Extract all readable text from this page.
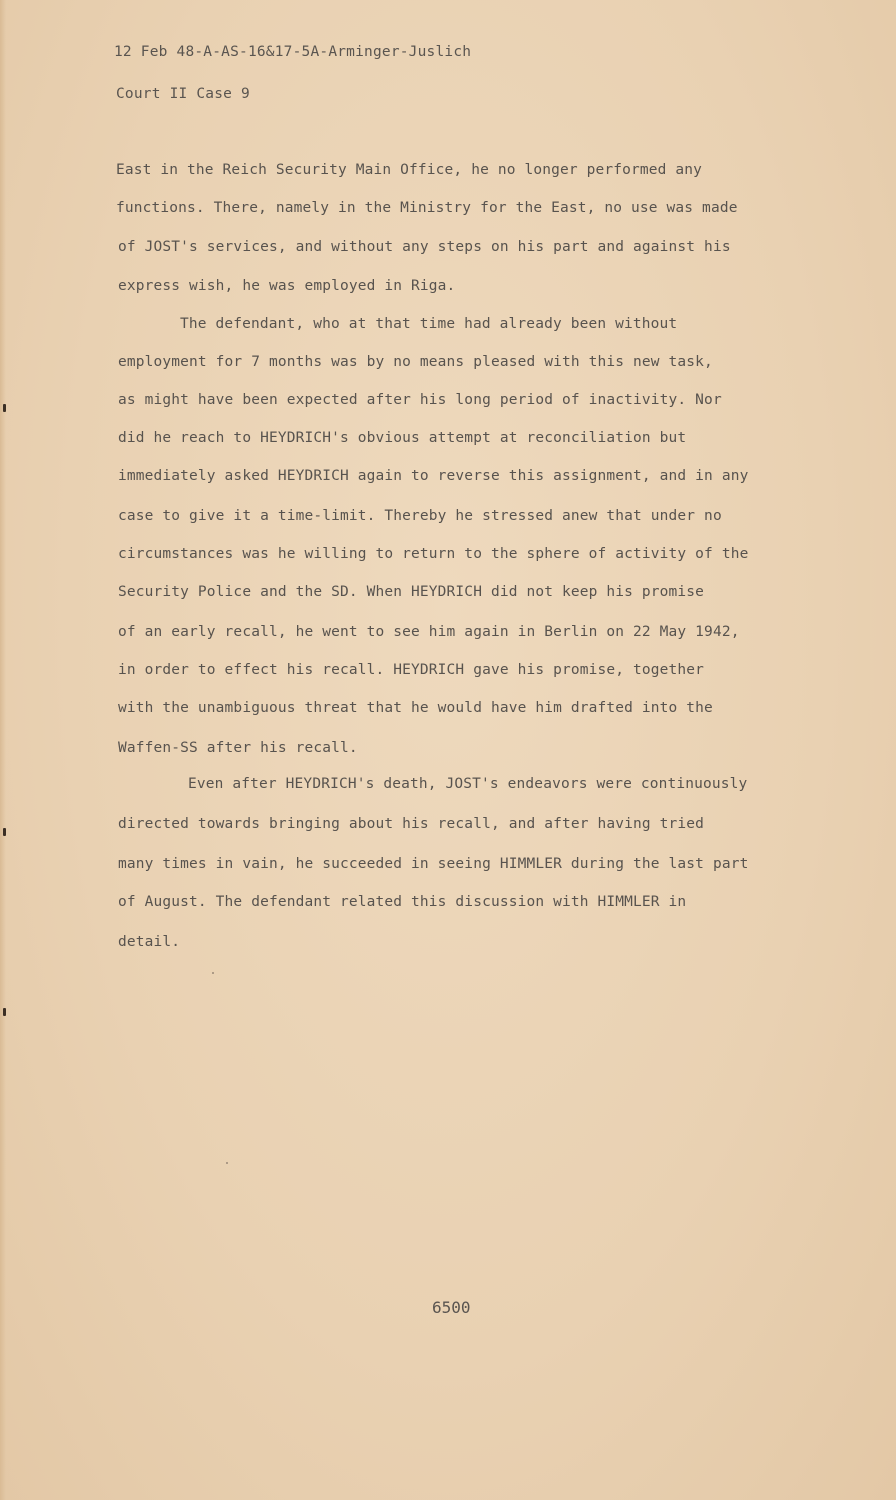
12 Feb 48-A-AS-16&17-5A-Arminger-Juslich
Court II Case 9
East in the Reich Security Main Office, he no longer performed any
functions. There, namely in the Ministry for the East, no use was made
of JOST's services, and without any steps on his part and against his
express wish, he was employed in Riga.
The defendant, who at that time had already been without
employment for 7 months was by no means pleased with this new task,
as might have been expected after his long period of inactivity. Nor
did he reach to HEYDRICH's obvious attempt at reconciliation but
immediately asked HEYDRICH again to reverse this assignment, and in any
case to give it a time-limit. Thereby he stressed anew that under no
circumstances was he willing to return to the sphere of activity of the
Security Police and the SD. When HEYDRICH did not keep his promise
of an early recall, he went to see him again in Berlin on 22 May 1942,
in order to effect his recall. HEYDRICH gave his promise, together
with the unambiguous threat that he would have him drafted into the
Waffen-SS after his recall.
Even after HEYDRICH's death, JOST's endeavors were continuously
directed towards bringing about his recall, and after having tried
many times in vain, he succeeded in seeing HIMMLER during the last part
of August. The defendant related this discussion with HIMMLER in
detail.
6500
